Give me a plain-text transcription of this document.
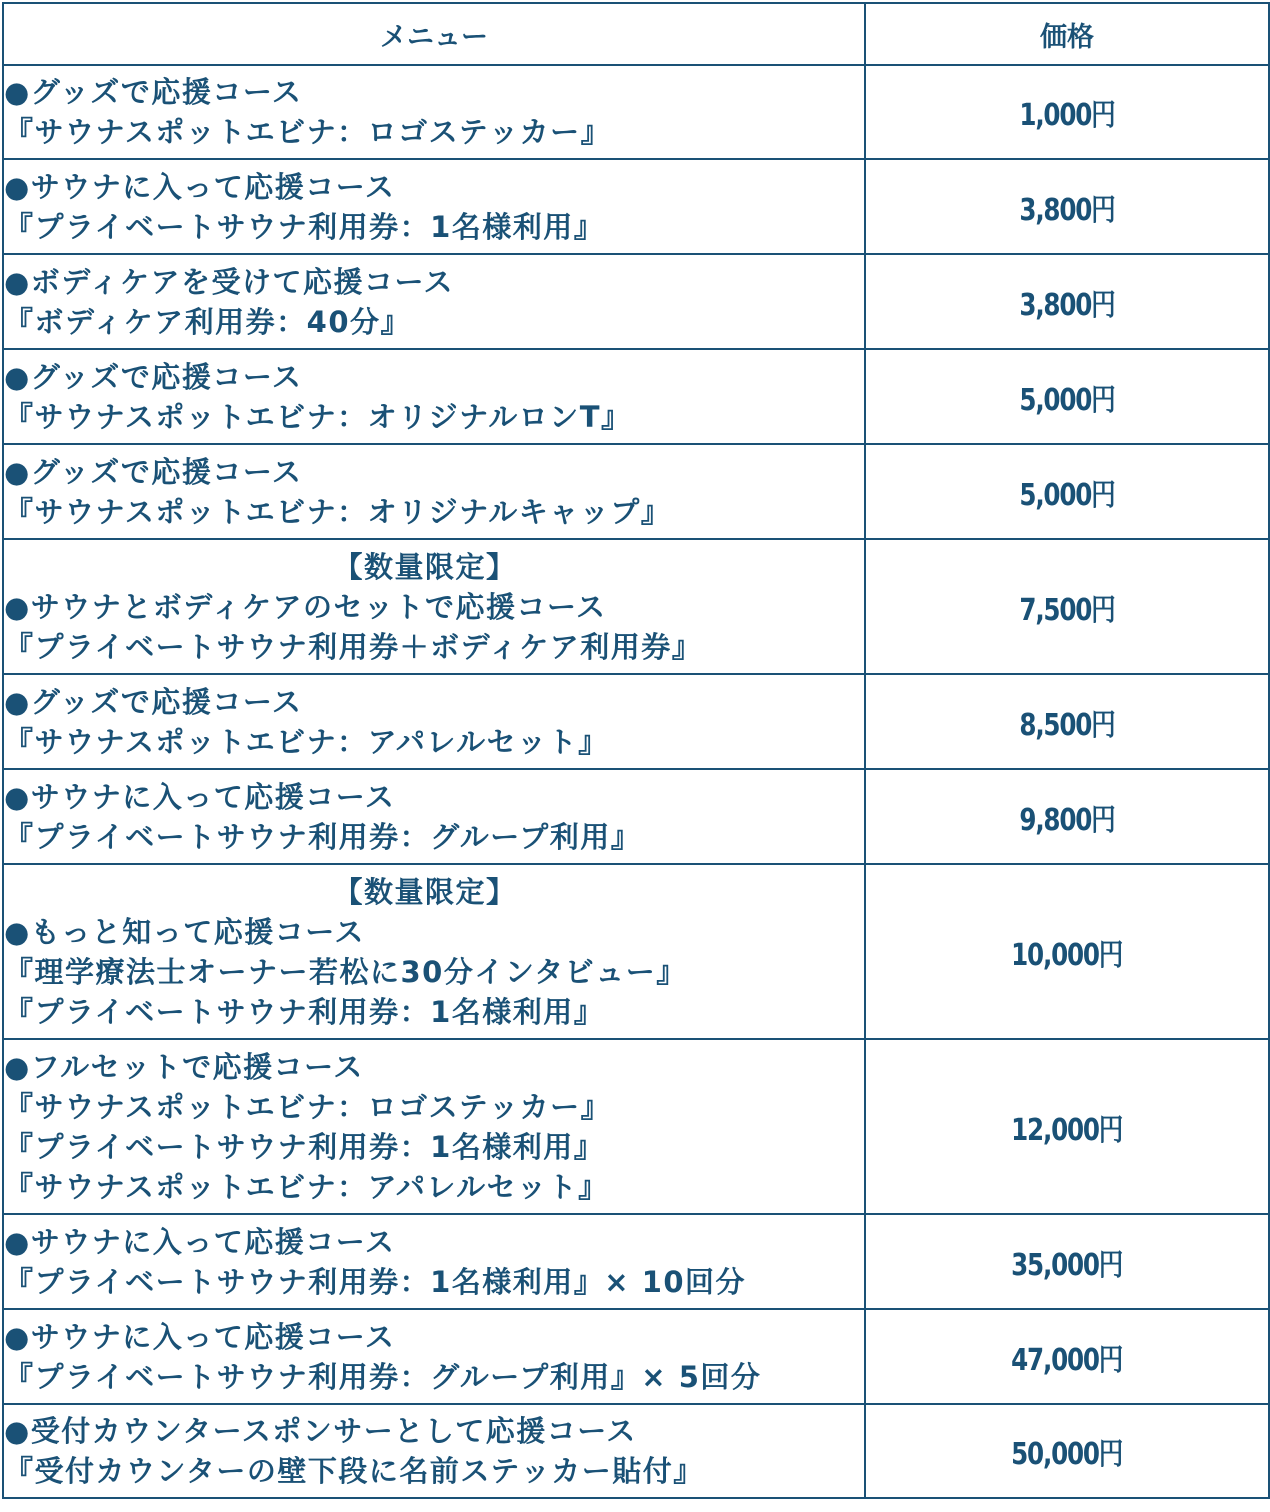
メニュー	価格

●グッズで応援コース
『サウナスポットエビナ：ロゴステッカー』	1,000円

●サウナに入って応援コース
『プライベートサウナ利用券：1名様利用』	3,800円

●ボディケアを受けて応援コース
『ボディケア利用券：40分』	3,800円

●グッズで応援コース
『サウナスポットエビナ：オリジナルロンT』	5,000円

●グッズで応援コース
『サウナスポットエビナ：オリジナルキャップ』	5,000円

【数量限定】
●サウナとボディケアのセットで応援コース
『プライベートサウナ利用券＋ボディケア利用券』	7,500円

●グッズで応援コース
『サウナスポットエビナ：アパレルセット』	8,500円

●サウナに入って応援コース
『プライベートサウナ利用券：グループ利用』	9,800円

【数量限定】
●もっと知って応援コース
『理学療法士オーナー若松に30分インタビュー』
『プライベートサウナ利用券：1名様利用』	10,000円

●フルセットで応援コース
『サウナスポットエビナ：ロゴステッカー』
『プライベートサウナ利用券：1名様利用』
『サウナスポットエビナ：アパレルセット』	12,000円

●サウナに入って応援コース
『プライベートサウナ利用券：1名様利用』× 10回分	35,000円

●サウナに入って応援コース
『プライベートサウナ利用券：グループ利用』× 5回分	47,000円

●受付カウンタースポンサーとして応援コース
『受付カウンターの壁下段に名前ステッカー貼付』	50,000円
